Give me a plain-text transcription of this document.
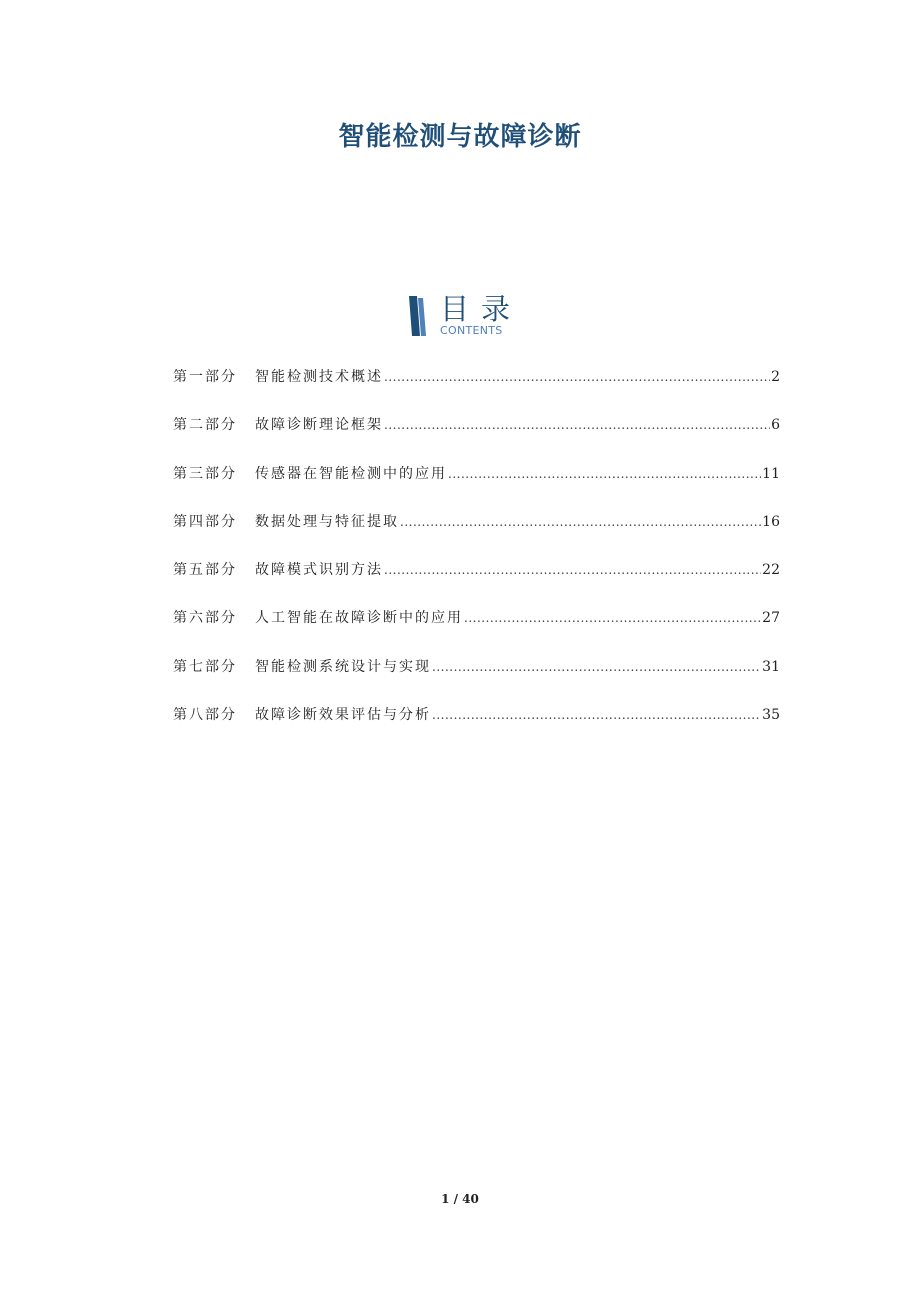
智能检测与故障诊断
目录
CONTENTS
第一部分	智能检测技术概述 .....	2
第二部分	故障诊断理论框架 .....	6
第三部分	传感器在智能检测中的应用 .....	11
第四部分	数据处理与特征提取 .....	16
第五部分	故障模式识别方法 .....	22
第六部分	人工智能在故障诊断中的应用 .....	27
第七部分	智能检测系统设计与实现 .....	31
第八部分	故障诊断效果评估与分析 .....	35
1 / 40
